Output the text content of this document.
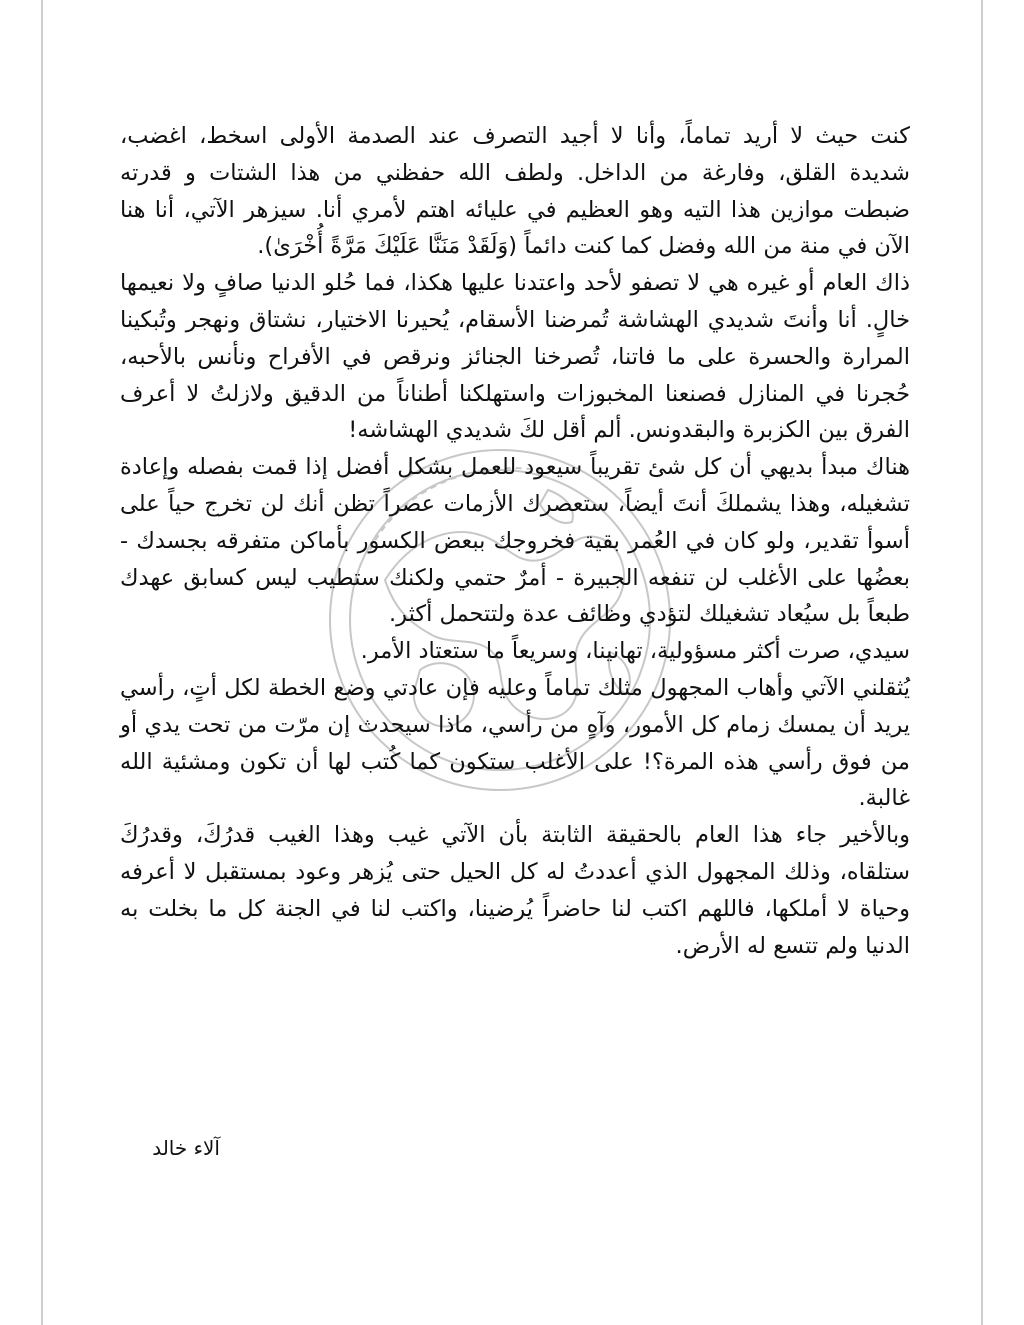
كنت حيث لا أريد تماماً، وأنا لا أجيد التصرف عند الصدمة الأولى اسخط، اغضب، شديدة القلق، وفارغة من الداخل. ولطف الله حفظني من هذا الشتات و قدرته ضبطت موازين هذا التيه وهو العظيم في عليائه اهتم لأمري أنا. سيزهر الآتي، أنا هنا الآن في منة من الله وفضل كما كنت دائماً (وَلَقَدْ مَنَنَّا عَلَيْكَ مَرَّةً أُخْرَىٰ).

ذاك العام أو غيره هي لا تصفو لأحد واعتدنا عليها هكذا، فما حُلو الدنيا صافٍ ولا نعيمها خالٍ. أنا وأنتَ شديدي الهشاشة تُمرضنا الأسقام، يُحيرنا الاختيار، نشتاق ونهجر وتُبكينا المرارة والحسرة على ما فاتنا، تُصرخنا الجنائز ونرقص في الأفراح ونأنس بالأحبه، حُجرنا في المنازل فصنعنا المخبوزات واستهلكنا أطناناً من الدقيق ولازلتُ لا أعرف الفرق بين الكزبرة والبقدونس. ألم أقل لكَ شديدي الهشاشه!

هناك مبدأ بديهي أن كل شئ تقريباً سيعود للعمل بشكل أفضل إذا قمت بفصله وإعادة تشغيله، وهذا يشملكَ أنتَ أيضاً، ستعصرك الأزمات عصراً تظن أنك لن تخرج حياً على أسوأ تقدير، ولو كان في العُمر بقية فخروجك ببعض الكسور بأماكن متفرقه بجسدك - بعضُها على الأغلب لن تنفعه الجبيرة - أمرٌ حتمي ولكنك ستطيب ليس كسابق عهدك طبعاً بل سيُعاد تشغيلك لتؤدي وظائف عدة ولتتحمل أكثر.

سيدي، صرت أكثر مسؤولية، تهانينا، وسريعاً ما ستعتاد الأمر.

يُثقلني الآتي وأهاب المجهول مثلك تماماً وعليه فإن عادتي وضع الخطة لكل أتٍ، رأسي يريد أن يمسك زمام كل الأمور، وآهٍ من رأسي، ماذا سيحدث إن مرّت من تحت يدي أو من فوق رأسي هذه المرة؟! على الأغلب ستكون كما كُتب لها أن تكون ومشئية الله غالبة.

وبالأخير جاء هذا العام بالحقيقة الثابتة بأن الآتي غيب وهذا الغيب قدرُكَ، وقدرُكَ ستلقاه، وذلك المجهول الذي أعددتُ له كل الحيل حتى يُزهر وعود بمستقبل لا أعرفه وحياة لا أملكها، فاللهم اكتب لنا حاضراً يُرضينا، واكتب لنا في الجنة كل ما بخلت به الدنيا ولم تتسع له الأرض.

آلاء خالد
